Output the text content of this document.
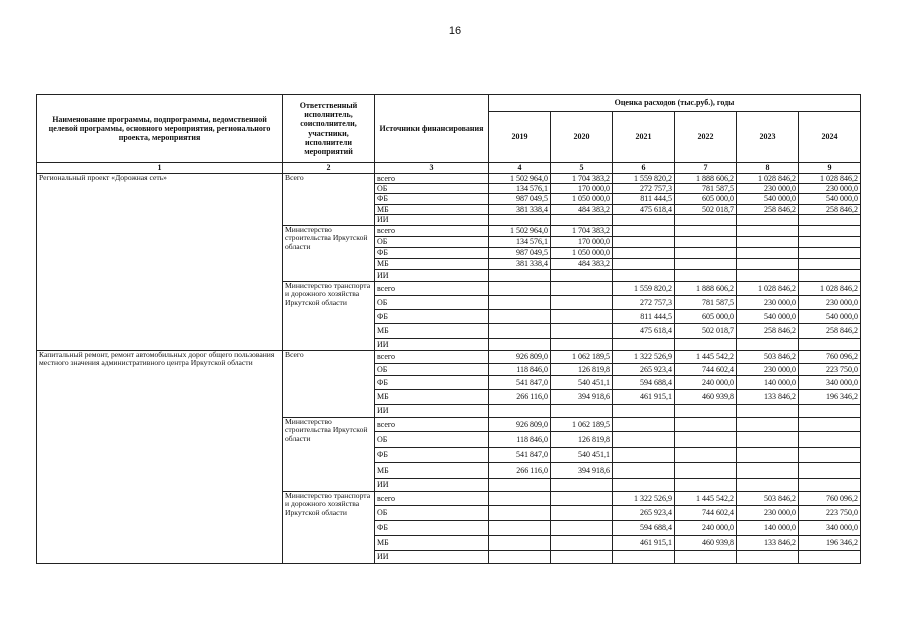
16
Наименование программы, подпрограммы, ведомственной целевой программы, основного мероприятия, регионального проекта, мероприятия	Ответственный исполнитель, соисполнители, участники, исполнители мероприятий	Источники финансирования	Оценка расходов (тыс.руб.), годы					
			2019	2020	2021	2022	2023	2024
1	2	3	4	5	6	7	8	9
Региональный проект «Дорожная сеть»	Всего	всего	1 502 964,0	1 704 383,2	1 559 820,2	1 888 606,2	1 028 846,2	1 028 846,2
		ОБ	134 576,1	170 000,0	272 757,3	781 587,5	230 000,0	230 000,0
		ФБ	987 049,5	1 050 000,0	811 444,5	605 000,0	540 000,0	540 000,0
		МБ	381 338,4	484 383,2	475 618,4	502 018,7	258 846,2	258 846,2
		ИИ						
	Министерство строительства Иркутской области	всего	1 502 964,0	1 704 383,2				
		ОБ	134 576,1	170 000,0				
		ФБ	987 049,5	1 050 000,0				
		МБ	381 338,4	484 383,2				
		ИИ						
	Министерство транспорта и дорожного хозяйства Иркутской области	всего			1 559 820,2	1 888 606,2	1 028 846,2	1 028 846,2
		ОБ			272 757,3	781 587,5	230 000,0	230 000,0
		ФБ			811 444,5	605 000,0	540 000,0	540 000,0
		МБ			475 618,4	502 018,7	258 846,2	258 846,2
		ИИ						
Капитальный ремонт, ремонт автомобильных дорог общего пользования местного значения административного центра Иркутской области	Всего	всего	926 809,0	1 062 189,5	1 322 526,9	1 445 542,2	503 846,2	760 096,2
		ОБ	118 846,0	126 819,8	265 923,4	744 602,4	230 000,0	223 750,0
		ФБ	541 847,0	540 451,1	594 688,4	240 000,0	140 000,0	340 000,0
		МБ	266 116,0	394 918,6	461 915,1	460 939,8	133 846,2	196 346,2
		ИИ						
	Министерство строительства Иркутской области	всего	926 809,0	1 062 189,5				
		ОБ	118 846,0	126 819,8				
		ФБ	541 847,0	540 451,1				
		МБ	266 116,0	394 918,6				
		ИИ						
	Министерство транспорта и дорожного хозяйства Иркутской области	всего			1 322 526,9	1 445 542,2	503 846,2	760 096,2
		ОБ			265 923,4	744 602,4	230 000,0	223 750,0
		ФБ			594 688,4	240 000,0	140 000,0	340 000,0
		МБ			461 915,1	460 939,8	133 846,2	196 346,2
		ИИ						
